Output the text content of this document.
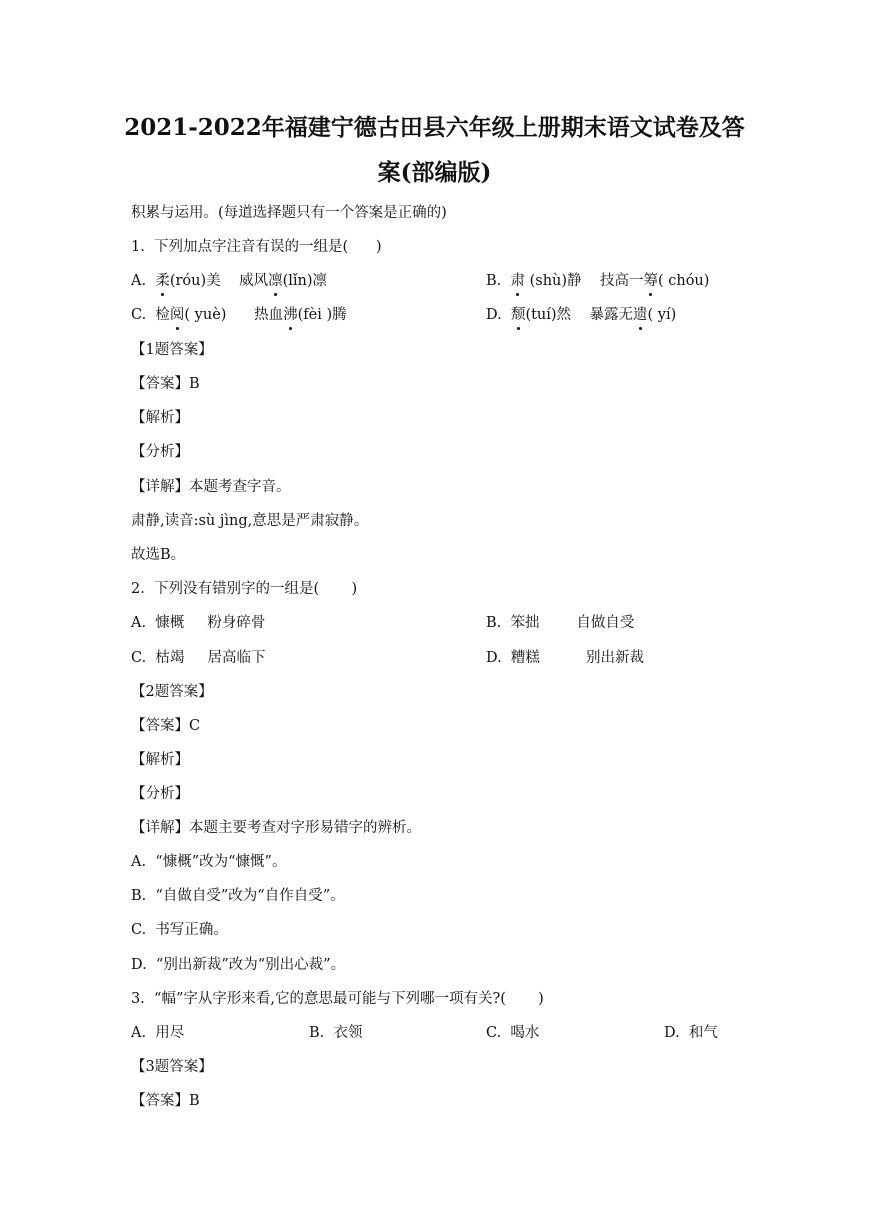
2021-2022年福建宁德古田县六年级上册期末语文试卷及答
案(部编版)
积累与运用。(每道选择题只有一个答案是正确的)
1.  下列加点字注音有误的一组是(      )
A.  柔(róu)美    威风凛(lǐn)凛	B.  肃 (shù)静    技高一筹( chóu)
C.  检阅( yuè)      热血沸(fèi )腾	D.  颓(tuí)然    暴露无遗( yí)
【1题答案】
【答案】B
【解析】
【分析】
【详解】本题考查字音。
肃静,读音:sù jìng,意思是严肃寂静。
故选B。
2.  下列没有错别字的一组是(       )
A.  慷概     粉身碎骨	B.  笨拙        自做自受
C.  枯竭     居高临下	D.  糟糕          别出新裁
【2题答案】
【答案】C
【解析】
【分析】
【详解】本题主要考查对字形易错字的辨析。
A.  “慷概”改为“慷慨”。
B.  “自做自受”改为“自作自受”。
C.  书写正确。
D.  “别出新裁”改为“别出心裁”。
3.  “幅”字从字形来看,它的意思最可能与下列哪一项有关?(       )
A.  用尽	B.  衣领	C.  喝水	D.  和气
【3题答案】
【答案】B
